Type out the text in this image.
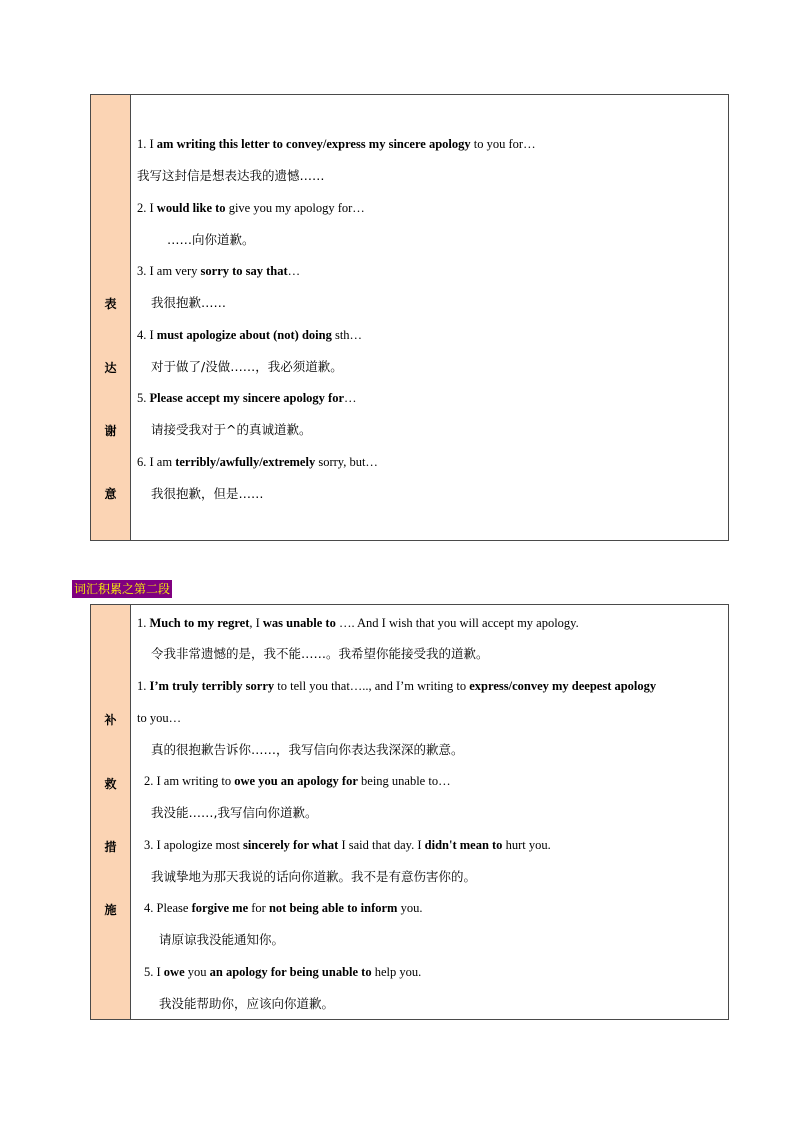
表
达
谢
意
1. I am writing this letter to convey/express my sincere apology to you for…
我写这封信是想表达我的遗憾……
2. I would like to give you my apology for…
……向你道歉。
3. I am very sorry to say that…
我很抱歉……
4. I must apologize about (not) doing sth…
对于做了/没做……，我必须道歉。
5. Please accept my sincere apology for…
请接受我对于^的真诚道歉。
6. I am terribly/awfully/extremely sorry, but…
我很抱歉，但是……
词汇积累之第二段
补
救
措
施
1. Much to my regret, I was unable to …. And I wish that you will accept my apology.
令我非常遗憾的是，我不能……。我希望你能接受我的道歉。
1. I’m truly terribly sorry to tell you that….., and I’m writing to express/convey my deepest apology
to you…
真的很抱歉告诉你……，我写信向你表达我深深的歉意。
2. I am writing to owe you an apology for being unable to…
我没能……,我写信向你道歉。
3. I apologize most sincerely for what I said that day. I didn't mean to hurt you.
我诚挚地为那天我说的话向你道歉。我不是有意伤害你的。
4. Please forgive me for not being able to inform you.
请原谅我没能通知你。
5. I owe you an apology for being unable to help you.
我没能帮助你，应该向你道歉。
